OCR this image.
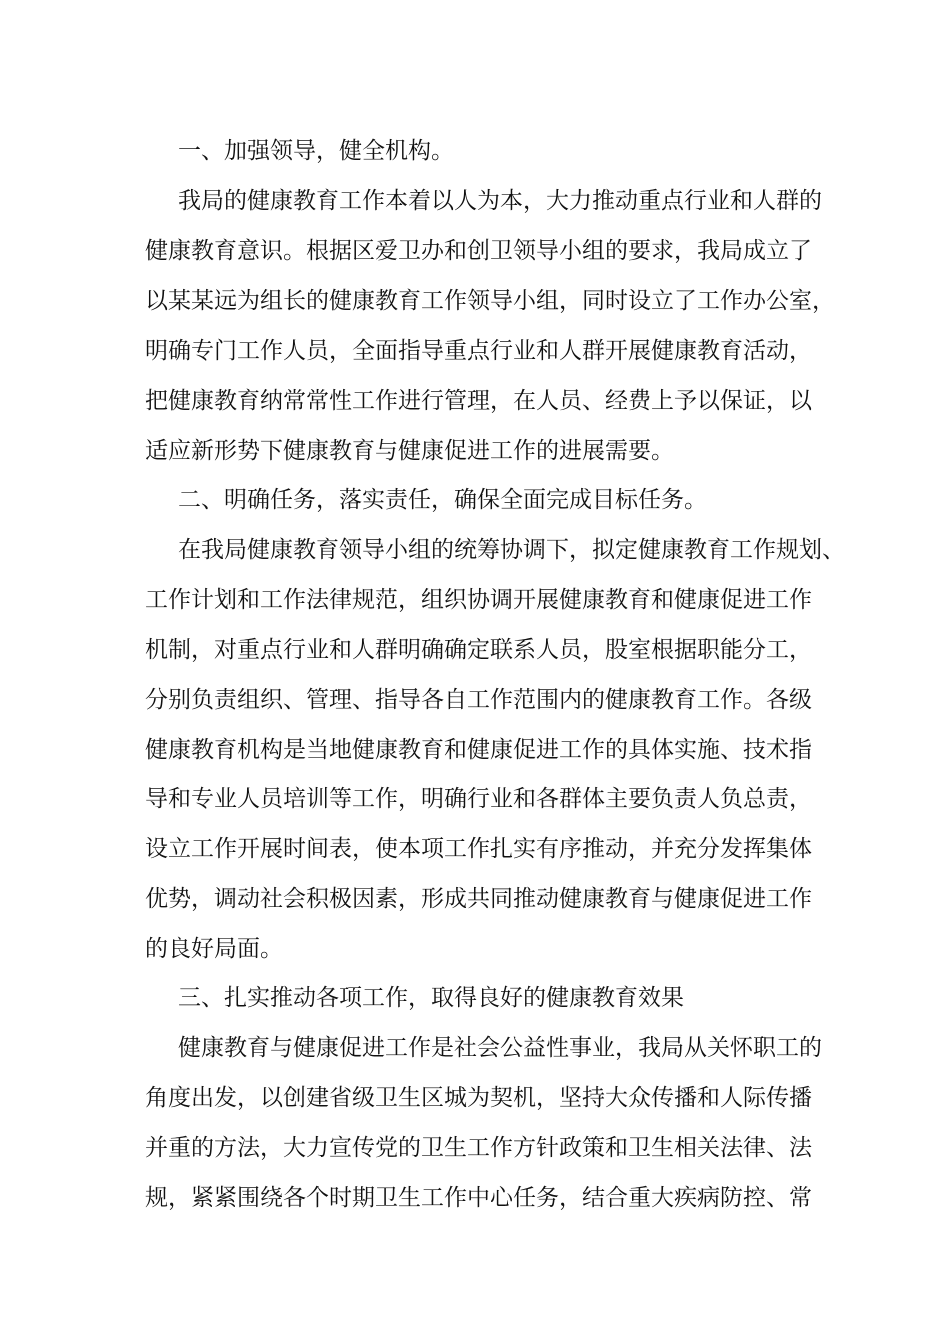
一、加强领导，健全机构。
我局的健康教育工作本着以人为本，大力推动重点行业和人群的
健康教育意识。根据区爱卫办和创卫领导小组的要求，我局成立了
以某某远为组长的健康教育工作领导小组，同时设立了工作办公室，
明确专门工作人员，全面指导重点行业和人群开展健康教育活动，
把健康教育纳常常性工作进行管理，在人员、经费上予以保证，以
适应新形势下健康教育与健康促进工作的进展需要。
二、明确任务，落实责任，确保全面完成目标任务。
在我局健康教育领导小组的统筹协调下，拟定健康教育工作规划、
工作计划和工作法律规范，组织协调开展健康教育和健康促进工作
机制，对重点行业和人群明确确定联系人员，股室根据职能分工，
分别负责组织、管理、指导各自工作范围内的健康教育工作。各级
健康教育机构是当地健康教育和健康促进工作的具体实施、技术指
导和专业人员培训等工作，明确行业和各群体主要负责人负总责，
设立工作开展时间表，使本项工作扎实有序推动，并充分发挥集体
优势，调动社会积极因素，形成共同推动健康教育与健康促进工作
的良好局面。
三、扎实推动各项工作，取得良好的健康教育效果
健康教育与健康促进工作是社会公益性事业，我局从关怀职工的
角度出发，以创建省级卫生区城为契机，坚持大众传播和人际传播
并重的方法，大力宣传党的卫生工作方针政策和卫生相关法律、法
规，紧紧围绕各个时期卫生工作中心任务，结合重大疾病防控、常
